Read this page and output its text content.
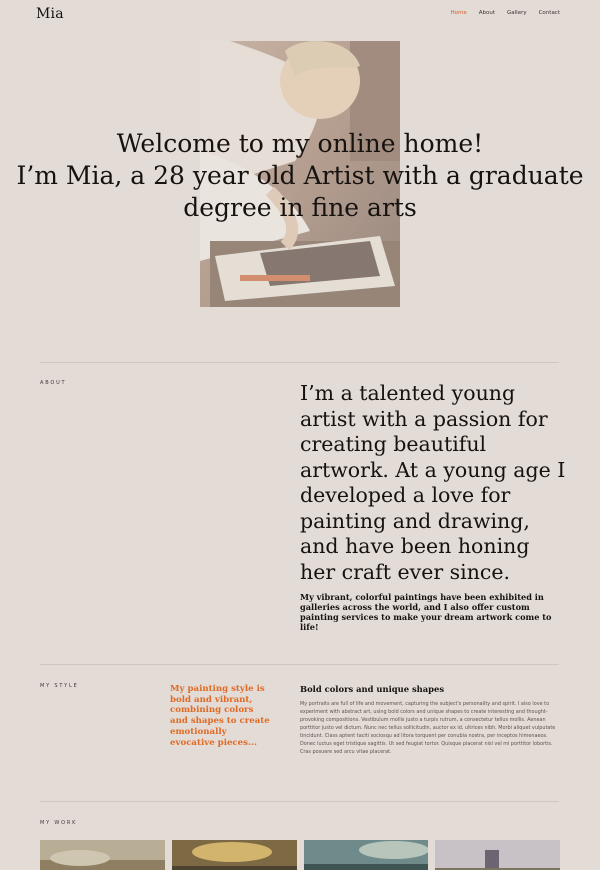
Mia	Home About Gallery Contact
Welcome to my online home!
I’m Mia, a 28 year old Artist with a graduate
degree in fine arts
ABOUT	I’m a talented young artist with a passion for creating beautiful artwork. At a young age I developed a love for painting and drawing, and have been honing her craft ever since.
My vibrant, colorful paintings have been exhibited in galleries across the world, and I also offer custom painting services to make your dream artwork come to life!
MY STYLE	My painting style is bold and vibrant, combining colors and shapes to create emotionally evocative pieces...
Bold colors and unique shapes
My portraits are full of life and movement, capturing the subject's personality and spirit. I also love to experiment with abstract art, using bold colors and unique shapes to create interesting and thought-provoking compositions. Vestibulum mollis justo a turpis rutrum, a consectetur tellus mollis. Aenean porttitor justo vel dictum. Nunc nec tellus sollicitudin, auctor ex id, ultrices nibh. Morbi aliquet vulputate tincidunt. Class aptent taciti sociosqu ad litora torquent per conubia nostra, per inceptos himenaeos. Donec luctus eget tristique sagittis. Ut sed feugiat tortor. Quisque placerat nisl vel mi porttitor lobortis. Cras posuere sed arcu vitae placerat.
MY WORK
